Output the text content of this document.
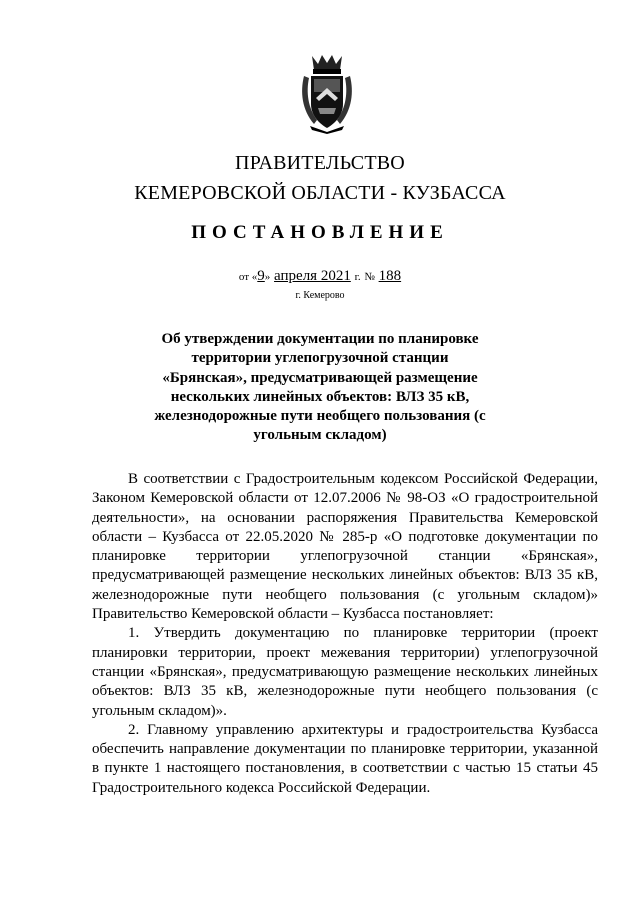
ПРАВИТЕЛЬСТВО
КЕМЕРОВСКОЙ ОБЛАСТИ - КУЗБАССА
ПОСТАНОВЛЕНИЕ
от «9» апреля 2021 г. № 188
г. Кемерово
Об утверждении документации по планировке территории углепогрузочной станции «Брянская», предусматривающей размещение нескольких линейных объектов: ВЛЗ 35 кВ, железнодорожные пути необщего пользования (с угольным складом)

В соответствии с Градостроительным кодексом Российской Федерации, Законом Кемеровской области от 12.07.2006 № 98-ОЗ «О градостроительной деятельности», на основании распоряжения Правительства Кемеровской области – Кузбасса от 22.05.2020 № 285-р «О подготовке документации по планировке территории углепогрузочной станции «Брянская», предусматривающей размещение нескольких линейных объектов: ВЛЗ 35 кВ, железнодорожные пути необщего пользования (с угольным складом)» Правительство Кемеровской области – Кузбасса постановляет:

1. Утвердить документацию по планировке территории (проект планировки территории, проект межевания территории) углепогрузочной станции «Брянская», предусматривающую размещение нескольких линейных объектов: ВЛЗ 35 кВ, железнодорожные пути необщего пользования (с угольным складом)».

2. Главному управлению архитектуры и градостроительства Кузбасса обеспечить направление документации по планировке территории, указанной в пункте 1 настоящего постановления, в соответствии с частью 15 статьи 45 Градостроительного кодекса Российской Федерации.
